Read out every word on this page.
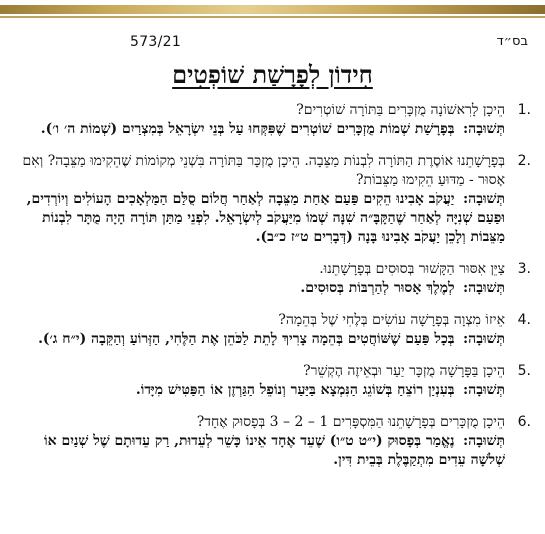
573/21	בס״ד
חִידוֹן לְפָרָשַׁת שׁוֹפְטִים
1.
הֵיכָן לָרִאשׁוֹנָה מֻזְכָּרִים בַּתּוֹרָה שׁוֹטְרִים?
תְּשׁוּבָה: בְּפָרָשַׁת שְׁמוֹת מֻזְכָּרִים שׁוֹטְרִים שֶׁפִּקְּחוּ עַל בְּנֵי יִשְׂרָאֵל בְּמִצְרַיִם (שְׁמוֹת ה׳ ו׳).
2.
בְּפָרָשָׁתֵנוּ אוֹסֶרֶת הַתּוֹרָה לִבְנוֹת מַצֵּבָה. הֵיכָן מֻזְכָּר בַּתּוֹרָה בִּשְׁנֵי מְקוֹמוֹת שֶׁהֵקִימוּ מַצֵּבָה? וְאִם אָסוּר - מַדּוּעַ הֵקִימוּ מַצֵּבוֹת?
תְּשׁוּבָה: יַעֲקֹב אָבִינוּ הֵקִים פַּעַם אַחַת מַצֵּבָה לְאַחַר חֲלוֹם סֻלַּם הַמַּלְאָכִים הָעוֹלִים וְיוֹרְדִים, וּפַעַם שְׁנִיָּה לְאַחַר שֶׁהַקָּבָּ״ה שִׁנָּה שְׁמוֹ מִיַּעֲקֹב לְיִשְׂרָאֵל. לִפְנֵי מַתַּן תּוֹרָה הָיָה מֻתָּר לִבְנוֹת מַצֵּבוֹת וְלָכֵן יַעֲקֹב אָבִינוּ בָּנָה (דְּבָרִים ט״ז כ״ב).
3.
צַיֵּן אִסּוּר הַקָּשׁוּר בְּסוּסִים בְּפָרָשָׁתֵנוּ.
תְּשׁוּבָה: לְמֶלֶךְ אָסוּר לְהַרְבּוֹת בְּסוּסִים.
4.
אֵיזוֹ מִצְוָה בְּפָרָשָׁה עוֹשִׂים בְּלֶחִי שֶׁל בְּהֵמָה?
תְּשׁוּבָה: בְּכָל פַּעַם שֶׁשּׁוֹחֲטִים בְּהֵמָה צָרִיךְ לָתֵת לַכֹּהֵן אֶת הַלֶּחִי, הַזְּרוֹעַ וְהַקֵּבָה (י״ח ג׳).
5.
הֵיכָן בַּפָּרָשָׁה מֻזְכָּר יַעַר וּבְאֵיזֶה הֶקְשֵׁר?
תְּשׁוּבָה: בְּעִנְיַן רוֹצֵחַ בְּשׁוֹגֵג הַנִּמְצָא בַּיַּעַר וְנוֹפֵל הַגַּרְזֶן אוֹ הַפַּטִּישׁ מִיָּדוֹ.
6.
הֵיכָן מֻזְכָּרִים בְּפָרָשָׁתֵנוּ הַמִּסְפָּרִים 1 – 2 – 3 בְּפָסוּק אֶחָד?
תְּשׁוּבָה: נֶאֱמַר בְּפָסוּק (י״ט ט״ו) שֶׁעֵד אֶחָד אֵינוֹ כָּשֵׁר לְעֵדוּת, רַק עֵדוּתָם שֶׁל שְׁנַיִם אוֹ שְׁלֹשָׁה עֵדִים מִתְקַבֶּלֶת בְּבֵית דִּין.
